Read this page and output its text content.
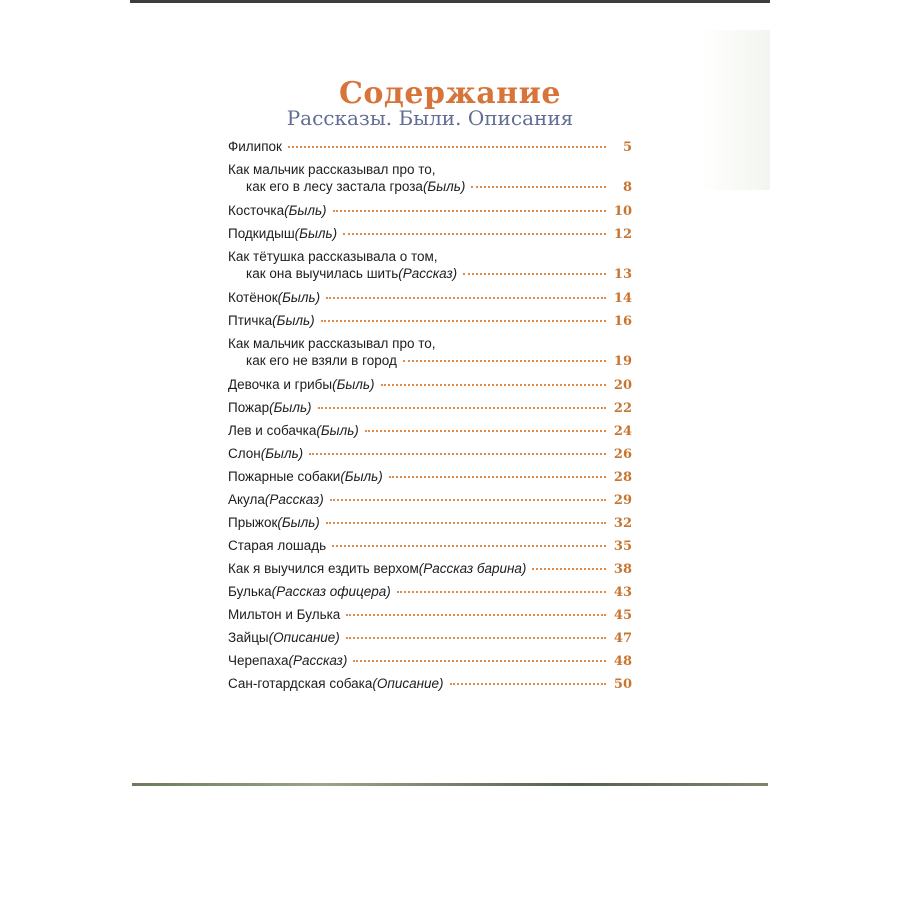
Содержание
Рассказы. Были. Описания
Филипок	5
Как мальчик рассказывал про то,
как его в лесу застала гроза (Быль)	8
Косточка (Быль)	10
Подкидыш (Быль)	12
Как тётушка рассказывала о том,
как она выучилась шить (Рассказ)	13
Котёнок (Быль)	14
Птичка (Быль)	16
Как мальчик рассказывал про то,
как его не взяли в город	19
Девочка и грибы (Быль)	20
Пожар (Быль)	22
Лев и собачка (Быль)	24
Слон (Быль)	26
Пожарные собаки (Быль)	28
Акула (Рассказ)	29
Прыжок (Быль)	32
Старая лошадь	35
Как я выучился ездить верхом (Рассказ барина)	38
Булька (Рассказ офицера)	43
Мильтон и Булька	45
Зайцы (Описание)	47
Черепаха (Рассказ)	48
Сан-готардская собака (Описание)	50
